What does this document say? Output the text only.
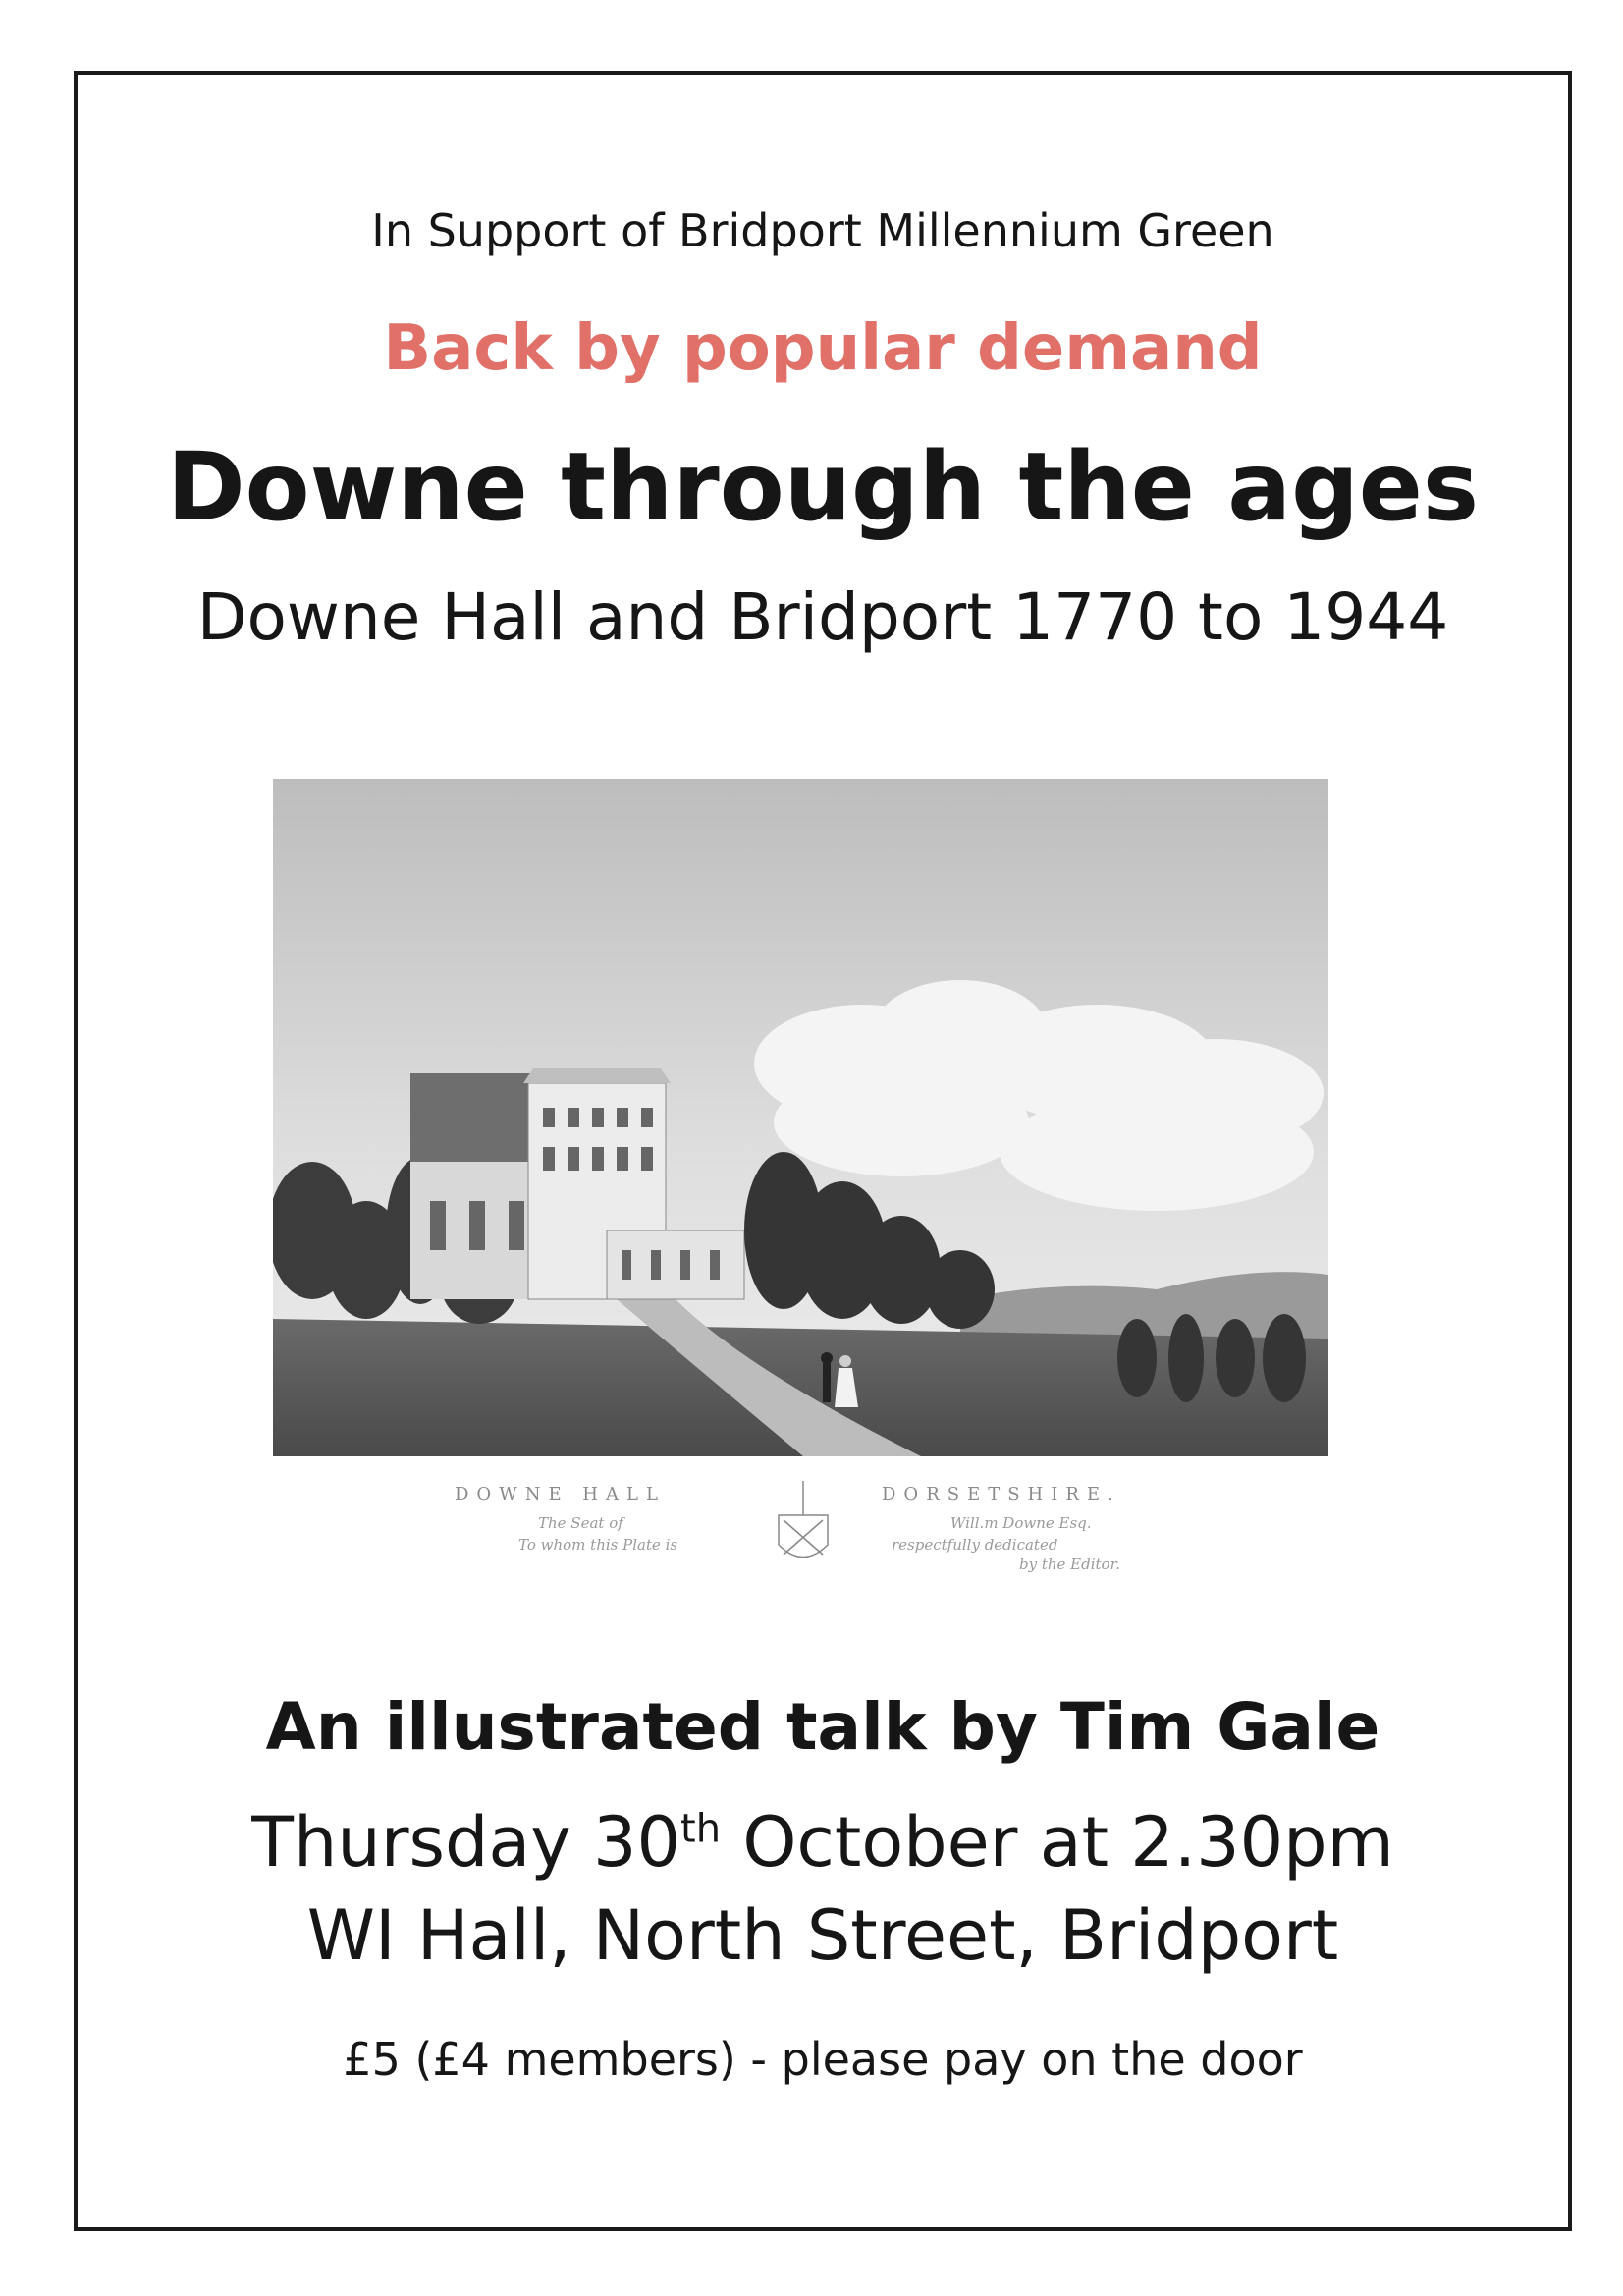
In Support of Bridport Millennium Green

Back by popular demand

Downe through the ages

Downe Hall and Bridport 1770 to 1944

DOWNE HALL	DORSETSHIRE.
The Seat of
To whom this Plate is
Will.m Downe Esq.
respectfully dedicated
by the Editor.

An illustrated talk by Tim Gale

Thursday 30th October at 2.30pm

WI Hall, North Street, Bridport

£5 (£4 members) - please pay on the door
